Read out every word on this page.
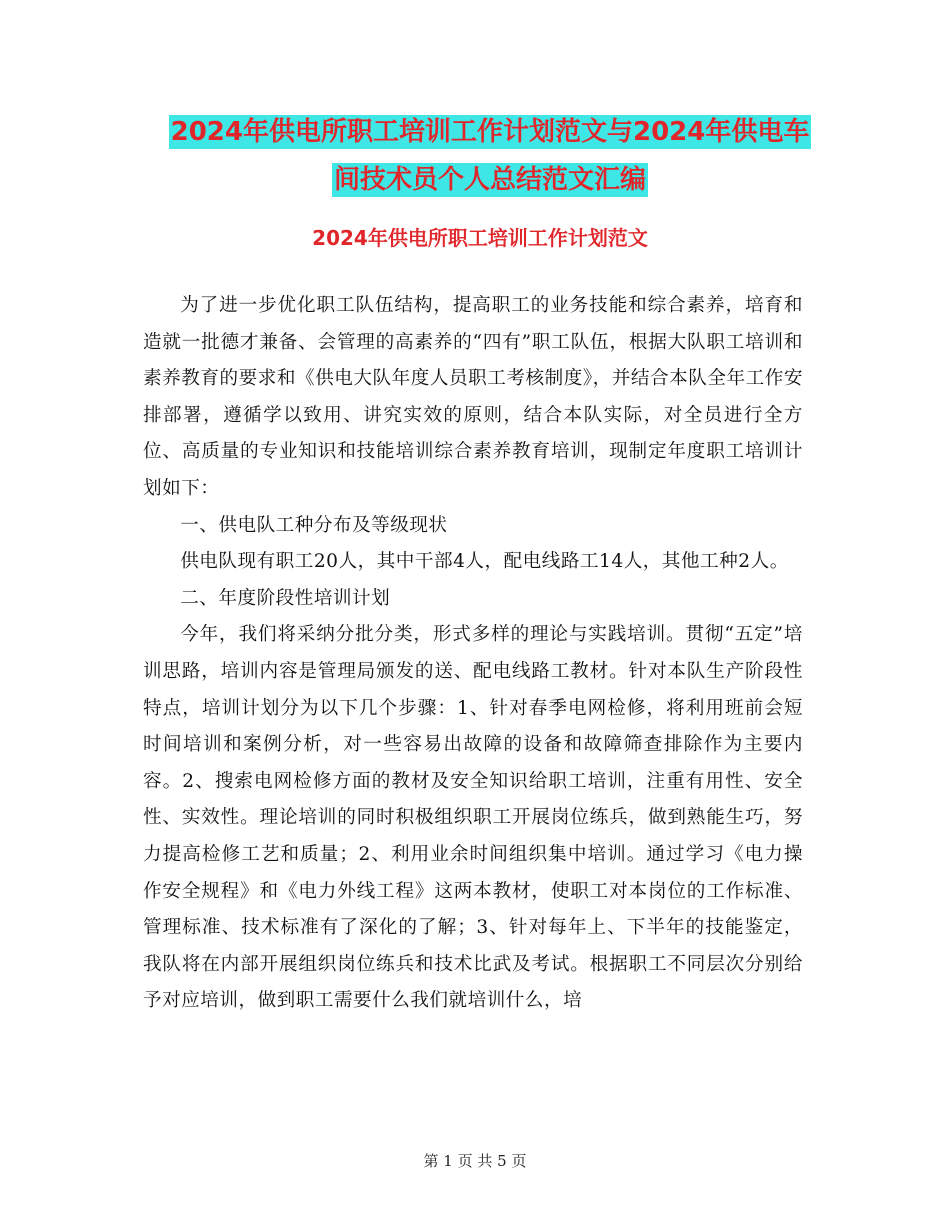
2024年供电所职工培训工作计划范文与2024年供电车
间技术员个人总结范文汇编
2024年供电所职工培训工作计划范文

为了进一步优化职工队伍结构，提高职工的业务技能和综合素养，培育和造就一批德才兼备、会管理的高素养的“四有”职工队伍，根据大队职工培训和素养教育的要求和《供电大队年度人员职工考核制度》，并结合本队全年工作安排部署，遵循学以致用、讲究实效的原则，结合本队实际，对全员进行全方位、高质量的专业知识和技能培训综合素养教育培训，现制定年度职工培训计划如下：

一、供电队工种分布及等级现状

供电队现有职工20人，其中干部4人，配电线路工14人，其他工种2人。

二、年度阶段性培训计划

今年，我们将采纳分批分类，形式多样的理论与实践培训。贯彻“五定”培训思路，培训内容是管理局颁发的送、配电线路工教材。针对本队生产阶段性特点，培训计划分为以下几个步骤：1、针对春季电网检修，将利用班前会短时间培训和案例分析，对一些容易出故障的设备和故障筛查排除作为主要内容。2、搜索电网检修方面的教材及安全知识给职工培训，注重有用性、安全性、实效性。理论培训的同时积极组织职工开展岗位练兵，做到熟能生巧，努力提高检修工艺和质量；2、利用业余时间组织集中培训。通过学习《电力操作安全规程》和《电力外线工程》这两本教材，使职工对本岗位的工作标准、管理标准、技术标准有了深化的了解；3、针对每年上、下半年的技能鉴定，我队将在内部开展组织岗位练兵和技术比武及考试。根据职工不同层次分别给予对应培训，做到职工需要什么我们就培训什么，培

第 1 页 共 5 页
